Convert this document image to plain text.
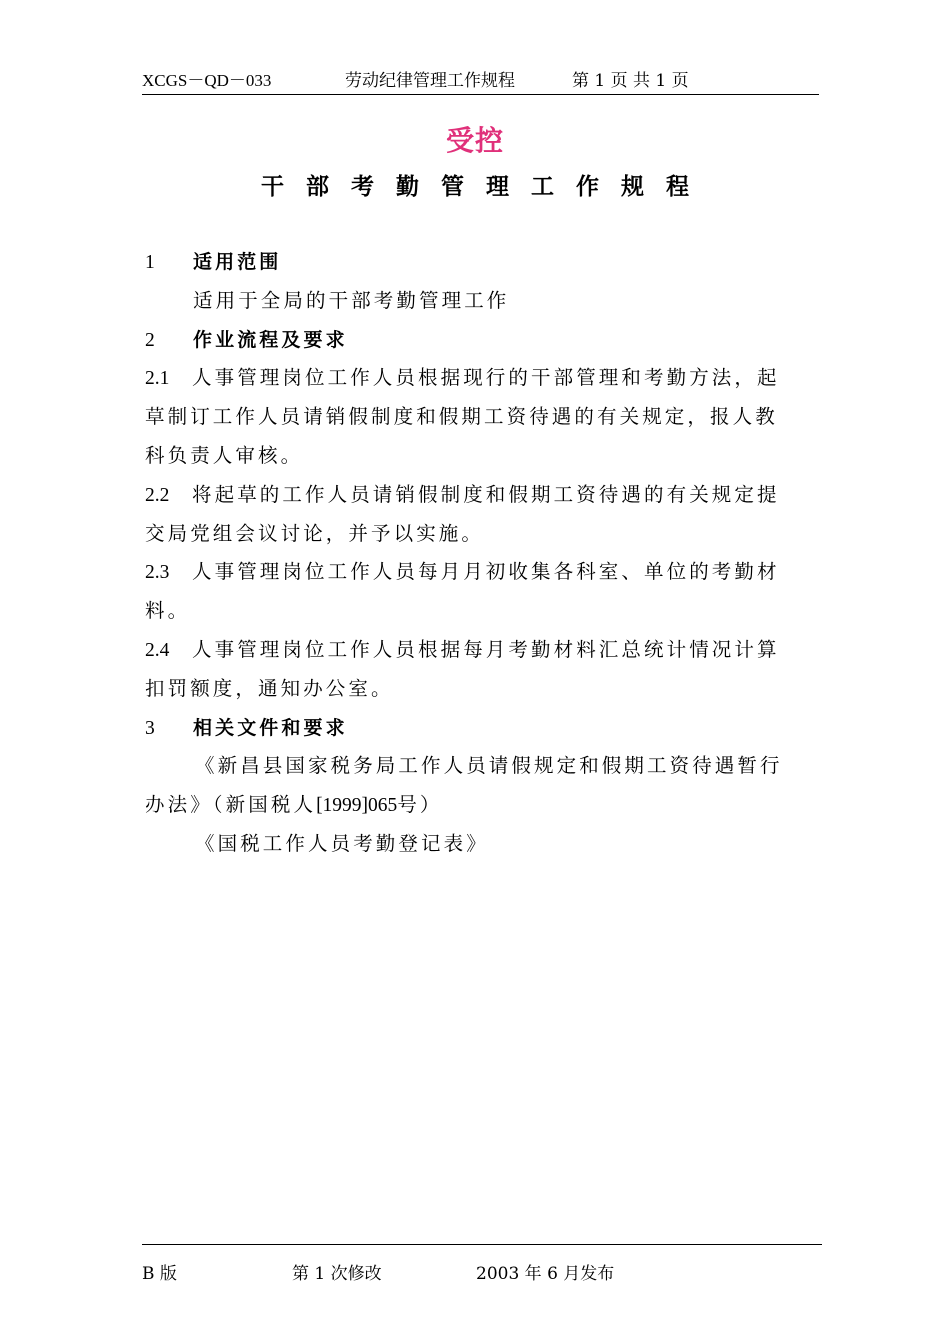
XCGS－QD－033	劳动纪律管理工作规程	第 1 页 共 1 页
受控
干部考勤管理工作规程
1 适用范围
适用于全局的干部考勤管理工作
2 作业流程及要求
2.1 人事管理岗位工作人员根据现行的干部管理和考勤方法，起
草制订工作人员请销假制度和假期工资待遇的有关规定，报人教
科负责人审核。
2.2 将起草的工作人员请销假制度和假期工资待遇的有关规定提
交局党组会议讨论，并予以实施。
2.3 人事管理岗位工作人员每月月初收集各科室、单位的考勤材
料。
2.4 人事管理岗位工作人员根据每月考勤材料汇总统计情况计算
扣罚额度，通知办公室。
3 相关文件和要求
《新昌县国家税务局工作人员请假规定和假期工资待遇暂行
办法》（新国税人[1999]065号）
《国税工作人员考勤登记表》
B 版	第 1 次修改	2003 年 6 月发布
